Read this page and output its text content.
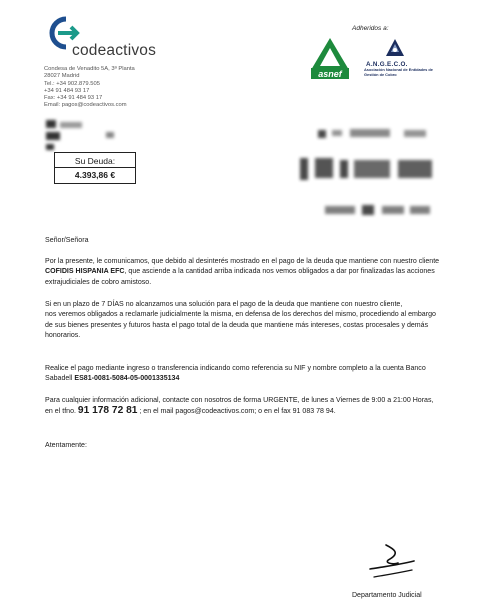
codeactivos
Condesa de Venadito 5A, 3ª Planta
28027 Madrid
Tel.: +34 902.879.505
+34 91 484 93 17
Fax: +34 91 484 93 17
Email: pagos@codeactivos.com
Adheridos a:
asnef
A.N.G.E.C.O.
Asociación Nacional de Entidades de Gestión de Cobro
Su Deuda:
4.393,86 €
Señor/Señora
Por la presente, le comunicamos, que debido al desinterés mostrado en el pago de la deuda que mantiene con nuestro cliente COFIDIS HISPANIA EFC, que asciende a la cantidad arriba indicada nos vemos obligados a dar por finalizadas las acciones extrajudiciales de cobro amistoso.
Si en un plazo de 7 DÍAS no alcanzamos una solución para el pago de la deuda que mantiene con nuestro cliente,
nos veremos obligados a reclamarle judicialmente la misma, en defensa de los derechos del mismo, procediendo al embargo de sus bienes presentes y futuros hasta el pago total de la deuda que mantiene más intereses, costas procesales y demás honorarios.
Realice el pago mediante ingreso o transferencia indicando como referencia su NIF y nombre completo a la cuenta Banco Sabadell ES81-0081-5084-05-0001335134
Para cualquier información adicional, contacte con nosotros de forma URGENTE, de lunes a Viernes de 9:00 a 21:00 Horas, en el tfno. 91 178 72 81 ; en el mail pagos@codeactivos.com; o en el fax 91 083 78 94.
Atentamente:
Departamento Judicial
